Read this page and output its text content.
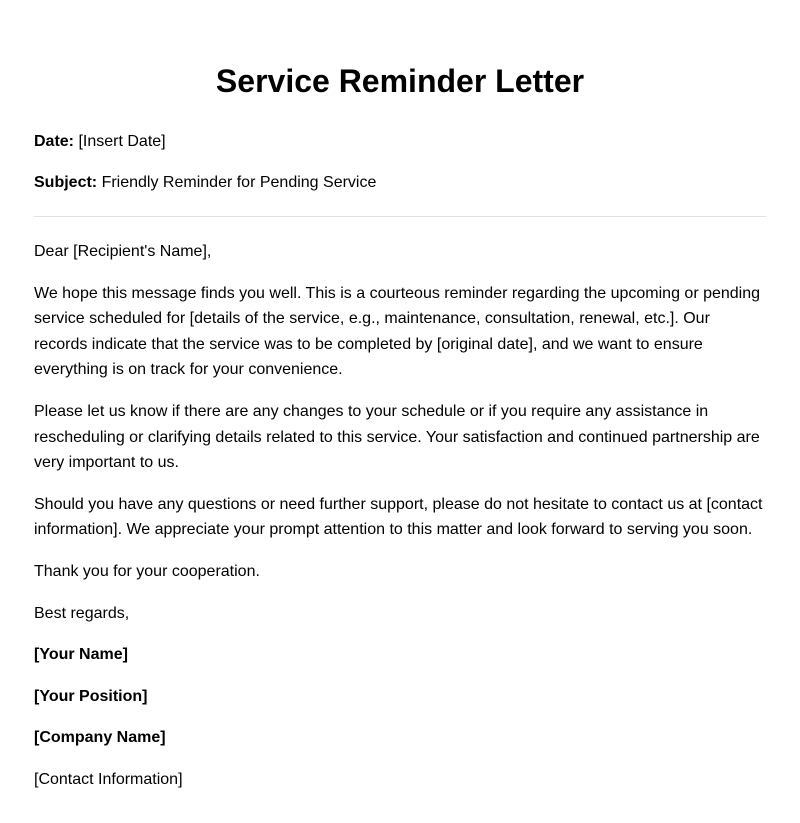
Service Reminder Letter

Date: [Insert Date]

Subject: Friendly Reminder for Pending Service

Dear [Recipient's Name],

We hope this message finds you well. This is a courteous reminder regarding the upcoming or pending service scheduled for [details of the service, e.g., maintenance, consultation, renewal, etc.]. Our records indicate that the service was to be completed by [original date], and we want to ensure everything is on track for your convenience.

Please let us know if there are any changes to your schedule or if you require any assistance in rescheduling or clarifying details related to this service. Your satisfaction and continued partnership are very important to us.

Should you have any questions or need further support, please do not hesitate to contact us at [contact information]. We appreciate your prompt attention to this matter and look forward to serving you soon.

Thank you for your cooperation.

Best regards,

[Your Name]

[Your Position]

[Company Name]

[Contact Information]
